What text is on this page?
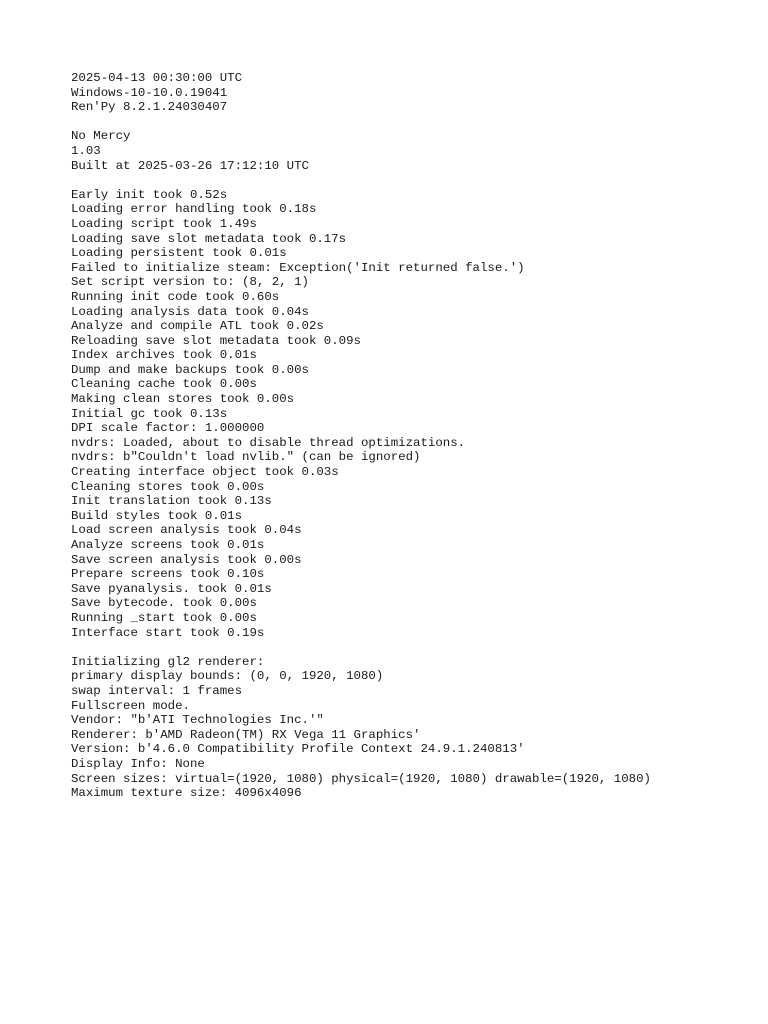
2025-04-13 00:30:00 UTC
Windows-10-10.0.19041
Ren'Py 8.2.1.24030407
No Mercy
1.03
Built at 2025-03-26 17:12:10 UTC
Early init took 0.52s
Loading error handling took 0.18s
Loading script took 1.49s
Loading save slot metadata took 0.17s
Loading persistent took 0.01s
Failed to initialize steam: Exception('Init returned false.')
Set script version to: (8, 2, 1)
Running init code took 0.60s
Loading analysis data took 0.04s
Analyze and compile ATL took 0.02s
Reloading save slot metadata took 0.09s
Index archives took 0.01s
Dump and make backups took 0.00s
Cleaning cache took 0.00s
Making clean stores took 0.00s
Initial gc took 0.13s
DPI scale factor: 1.000000
nvdrs: Loaded, about to disable thread optimizations.
nvdrs: b"Couldn't load nvlib." (can be ignored)
Creating interface object took 0.03s
Cleaning stores took 0.00s
Init translation took 0.13s
Build styles took 0.01s
Load screen analysis took 0.04s
Analyze screens took 0.01s
Save screen analysis took 0.00s
Prepare screens took 0.10s
Save pyanalysis. took 0.01s
Save bytecode. took 0.00s
Running _start took 0.00s
Interface start took 0.19s
Initializing gl2 renderer:
primary display bounds: (0, 0, 1920, 1080)
swap interval: 1 frames
Fullscreen mode.
Vendor: "b'ATI Technologies Inc.'"
Renderer: b'AMD Radeon(TM) RX Vega 11 Graphics'
Version: b'4.6.0 Compatibility Profile Context 24.9.1.240813'
Display Info: None
Screen sizes: virtual=(1920, 1080) physical=(1920, 1080) drawable=(1920, 1080)
Maximum texture size: 4096x4096
